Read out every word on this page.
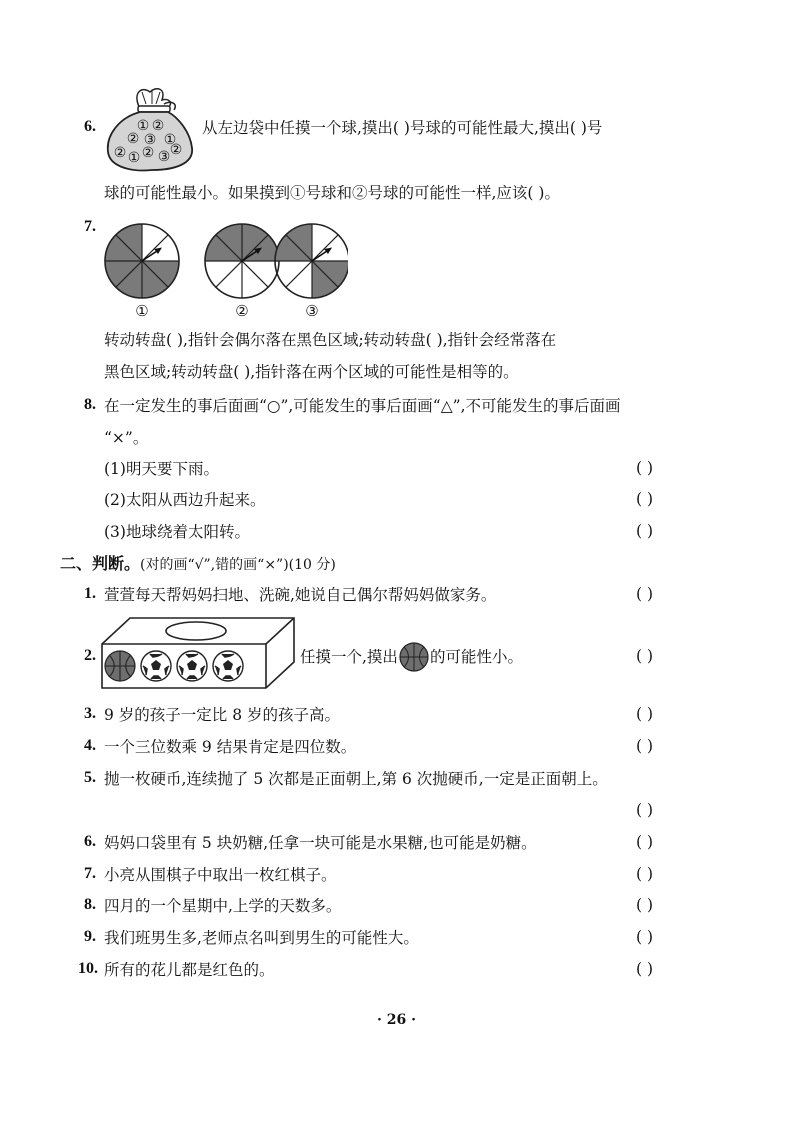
6.	① ②
② ③ ①
② ②
① ③ ②
从左边袋中任摸一个球,摸出( )号球的可能性最大,摸出( )号
球的可能性最小。如果摸到①号球和②号球的可能性一样,应该( )。
7.
①	②	③
转动转盘( ),指针会偶尔落在黑色区域;转动转盘( ),指针会经常落在
黑色区域;转动转盘( ),指针落在两个区域的可能性是相等的。
8. 在一定发生的事后面画“○”,可能发生的事后面画“△”,不可能发生的事后面画
“×”。
(1)明天要下雨。	( )
(2)太阳从西边升起来。	( )
(3)地球绕着太阳转。	( )
二、判断。(对的画“√”,错的画“×”)(10 分)
1. 萱萱每天帮妈妈扫地、洗碗,她说自己偶尔帮妈妈做家务。	( )
2.	任摸一个,摸出 的可能性小。	( )
3. 9 岁的孩子一定比 8 岁的孩子高。	( )
4. 一个三位数乘 9 结果肯定是四位数。	( )
5. 抛一枚硬币,连续抛了 5 次都是正面朝上,第 6 次抛硬币,一定是正面朝上。
( )
6. 妈妈口袋里有 5 块奶糖,任拿一块可能是水果糖,也可能是奶糖。	( )
7. 小亮从围棋子中取出一枚红棋子。	( )
8. 四月的一个星期中,上学的天数多。	( )
9. 我们班男生多,老师点名叫到男生的可能性大。	( )
10. 所有的花儿都是红色的。	( )
· 26 ·
